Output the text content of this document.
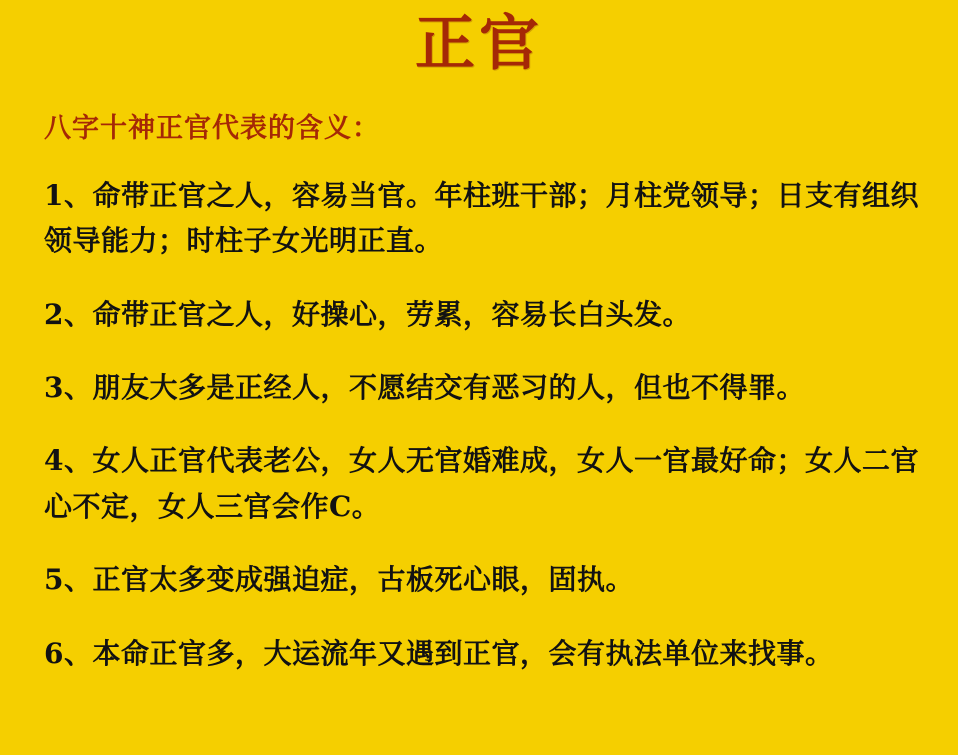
正官
八字十神正官代表的含义：

1、命带正官之人，容易当官。年柱班干部；月柱党领导；日支有组织领导能力；时柱子女光明正直。

2、命带正官之人，好操心，劳累，容易长白头发。

3、朋友大多是正经人，不愿结交有恶习的人，但也不得罪。

4、女人正官代表老公，女人无官婚难成，女人一官最好命；女人二官心不定，女人三官会作C。

5、正官太多变成强迫症，古板死心眼，固执。

6、本命正官多，大运流年又遇到正官，会有执法单位来找事。
